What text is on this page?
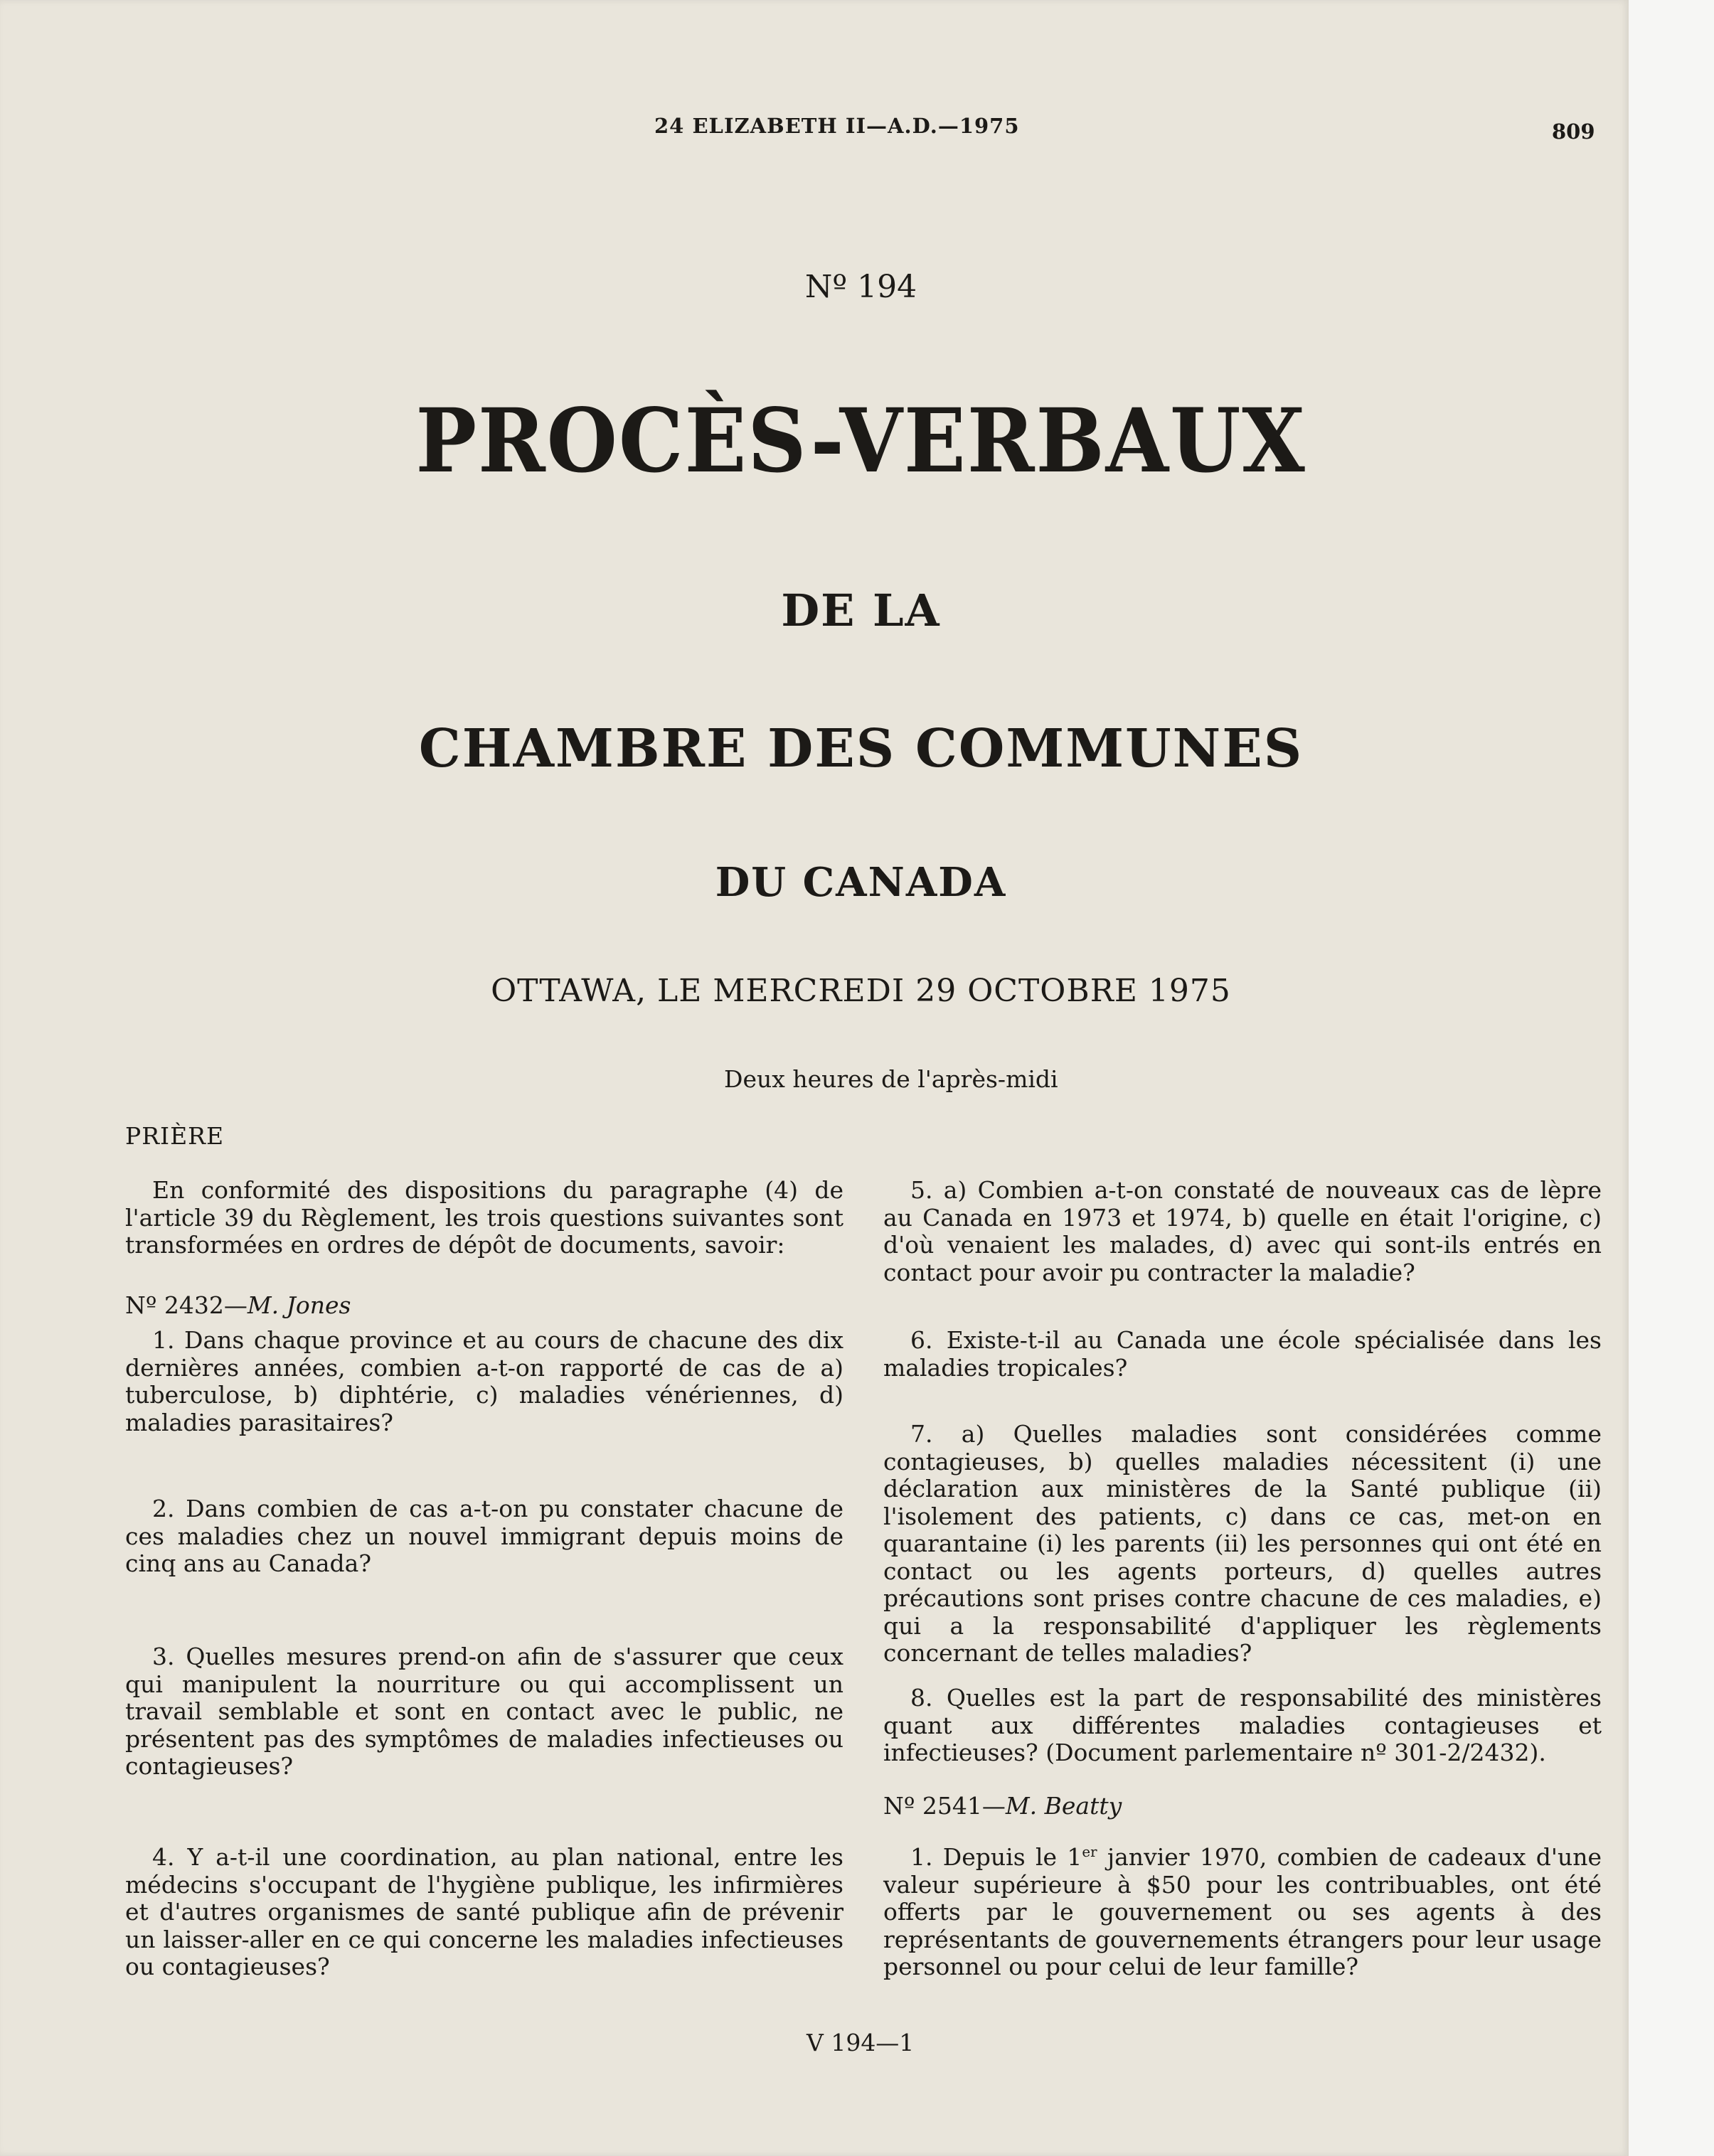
24 ELIZABETH II—A.D.—1975	809
Nº 194
PROCÈS-VERBAUX
DE LA
CHAMBRE DES COMMUNES
DU CANADA
OTTAWA, LE MERCREDI 29 OCTOBRE 1975
Deux heures de l'après-midi
PRIÈRE

En conformité des dispositions du paragraphe (4) de l'article 39 du Règlement, les trois questions suivantes sont transformées en ordres de dépôt de documents, savoir:

Nº 2432—M. Jones

1. Dans chaque province et au cours de chacune des dix dernières années, combien a-t-on rapporté de cas de a) tuberculose, b) diphtérie, c) maladies vénériennes, d) maladies parasitaires?

2. Dans combien de cas a-t-on pu constater chacune de ces maladies chez un nouvel immigrant depuis moins de cinq ans au Canada?

3. Quelles mesures prend-on afin de s'assurer que ceux qui manipulent la nourriture ou qui accomplissent un travail semblable et sont en contact avec le public, ne présentent pas des symptômes de maladies infectieuses ou contagieuses?

4. Y a-t-il une coordination, au plan national, entre les médecins s'occupant de l'hygiène publique, les infirmières et d'autres organismes de santé publique afin de prévenir un laisser-aller en ce qui concerne les maladies infectieuses ou contagieuses?

5. a) Combien a-t-on constaté de nouveaux cas de lèpre au Canada en 1973 et 1974, b) quelle en était l'origine, c) d'où venaient les malades, d) avec qui sont-ils entrés en contact pour avoir pu contracter la maladie?

6. Existe-t-il au Canada une école spécialisée dans les maladies tropicales?

7. a) Quelles maladies sont considérées comme contagieuses, b) quelles maladies nécessitent (i) une déclaration aux ministères de la Santé publique (ii) l'isolement des patients, c) dans ce cas, met-on en quarantaine (i) les parents (ii) les personnes qui ont été en contact ou les agents porteurs, d) quelles autres précautions sont prises contre chacune de ces maladies, e) qui a la responsabilité d'appliquer les règlements concernant de telles maladies?

8. Quelles est la part de responsabilité des ministères quant aux différentes maladies contagieuses et infectieuses? (Document parlementaire nº 301-2/2432).

Nº 2541—M. Beatty

1. Depuis le 1er janvier 1970, combien de cadeaux d'une valeur supérieure à $50 pour les contribuables, ont été offerts par le gouvernement ou ses agents à des représentants de gouvernements étrangers pour leur usage personnel ou pour celui de leur famille?

V 194—1
